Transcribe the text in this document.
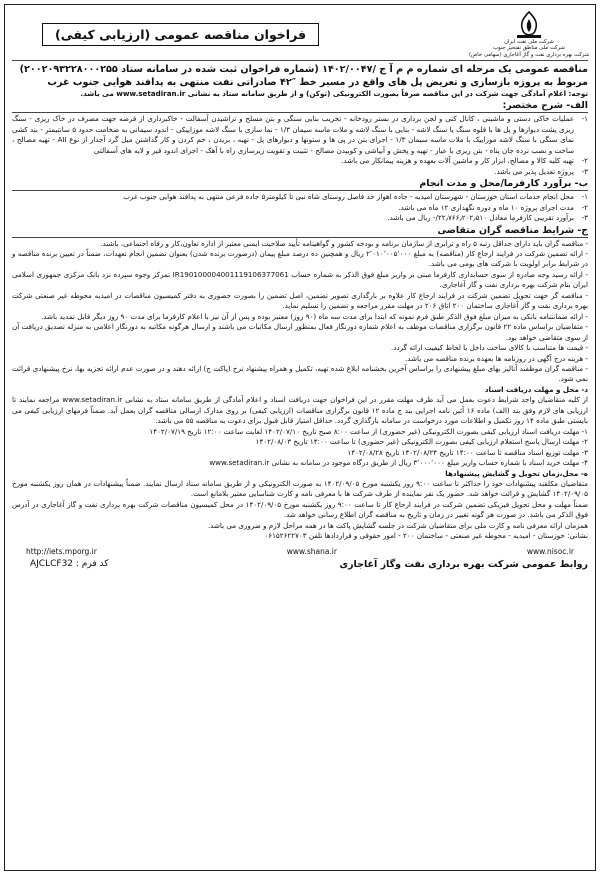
شرکت ملی نفت ایران
شرکت ملی مناطق نفتخیز جنوب
شرکت بهره برداری نفت و گاز آغاجاری (سهامی خاص)
فراخوان مناقصه عمومی (ارزیابی کیفی)
مناقصه عمومی یک مرحله ای شماره م م آ ج /۱۴۰۲/۰۰۴۷ (شماره فراخوان ثبت شده در سامانه ستاد ۲۰۰۲۰۹۳۲۲۸۰۰۰۲۵۵)
مربوط به پروژه بازسازی و تعریض پل های واقع در مسیر خط ″۴۲ صادراتی نفت منتهی به پدافند هوایی جنوب غرب
توجه: اعلام آمادگی جهت شرکت در این مناقصه صرفاً بصورت الکترونیکی (توکن) و از طریق سامانه ستاد به نشانی www.setadiran.ir می باشد.
الف- شرح مختصر:
۱-
عملیات خاکی دستی و ماشینی ، کانال کنی و لجن برداری در بستر رودخانه - تخریب بنایی سنگی و بتن مسلح و تراشیدن آسفالت - خاکبرداری از قرضه جهت مصرف در خاک ریزی - سنگ ریزی پشت دیوارها و پل ها با قلوه سنگ یا سنگ لاشه - بنایی با سنگ لاشه و ملات ماسه سیمان ۱/۳ - نما سازی با سنگ لاشه موزاییکی - اندود سیمانی به ضخامت حدود ۵ سانتیمتر - بند کشی نمای سنگی با سنگ لاشه موزاییک با ملات ماسه سیمان ۱/۳ - اجرای بتن در پی ها و ستونها و دیوارهای پل - تهیه ، بریدن ، خم کردن و کار گذاشتن میل گرد آجدار از نوع AII - تهیه مصالح ، ساخت و نصب نرده جان پناه - بتن ریزی با عیار - تهیه و پخش و آبپاشی و کوبیدن مصالح - تثبیت و تقویت زیرسازی راه با آهک - اجرای اندود قیر و لایه های آسفالتی
۲-
تهیه کلیه کالا و مصالح، ابزار کار و ماشین آلات بعهده و هزینه پیمانکار می باشد.
۳-
پروژه تعدیل پذیر می باشد.
ب- برآورد کارفرما/محل و مدت انجام
۱-
محل انجام خدمات استان خوزستان - شهرستان امیدیه - جاده اهواز حد فاصل روستای شاه نبی تا کیلومتر۵ جاده فرعی منتهی به پدافند هوایی جنوب غرب
۲-
مدت اجرای پروژه ۱۰ ماه و دوره نگهداری ۱۲ ماه می باشد.
۳-
برآورد تقریبی کارفرما معادل ۲۲٫۷۶۶٫۲۰۲٫۵۱۰/- ریال می باشد.
ج- شرایط مناقصه گران متقاضی
- مناقصه گران باید دارای حداقل رتبه ۵ راه و ترابری از سازمان برنامه و بودجه کشور و گواهینامه تأیید صلاحیت ایمنی معتبر از اداره تعاون،کار و رفاه اجتماعی، باشند.
- ارائه تضمین شرکت در فرایند ارجاع کار (مناقصه) به مبلغ ۲٬۰۱۰٬۰۰۵٬۰۰۰ ریال و همچنین ده درصد مبلغ پیمان (درصورت برنده شدن) بعنوان تضمین انجام تعهدات، ضمناً در تعیین برنده مناقصه و در شرایط برابر اولویت با شرکت های بومی می باشد.
- ارائه رسید وجه صادره از سوی حسابداری کارفرما مبنی بر واریز مبلغ فوق الذکر به شماره حساب IR190100004001119106377061 تمرکز وجوه سپرده نزد بانک مرکزی جمهوری اسلامی ایران بنام شرکت بهره برداری نفت و گاز آغاجاری.
- مناقصه گر جهت تحویل تضمین شرکت در فرایند ارجاع کار علاوه بر بارگذاری تصویر تضمین، اصل تضمین را بصورت حضوری به دفتر کمیسیون مناقصات در امیدیه محوطه غیر صنعتی شرکت بهره برداری نفت و گاز آغاجاری ساختمان ۲۰۰ اتاق ۲۰۶ در مهلت مقرر مراجعه و تضمین را تسلیم نماید.
- ارائه ضمانتنامه بانکی به میزان مبلغ فوق الذکر طبق فرم نمونه که ابتدا برای مدت سه ماه (۹۰ روز) معتبر بوده و پس از آن نیز با اعلام کارفرما برای مدت ۹۰ روز دیگر قابل تمدید باشد.
- متقاضیان براساس ماده ۲۲ قانون برگزاری مناقصات موظف به اعلام شماره دورنگار فعال بمنظور ارسال مکاتبات می باشند و ارسال هرگونه مکاتبه به دورنگار اعلامی به منزله تصدیق دریافت آن از سوی متقاضی خواهد بود.
- قیمت ها متناسب با کالای ساخت داخل یا لحاظ کیفیت ارائه گردد.
- هزینه درج آگهی در روزنامه ها بعهده برنده مناقصه می باشد.
- مناقصه گران موظفند آنالیز بهای مبلغ پیشنهادی را براساس آخرین بخشنامه ابلاغ شده تهیه، تکمیل و همراه پیشنهاد نرخ (پاکت ج) ارائه دهند و در صورت عدم ارائه تجزیه بها، نرخ پیشنهادی قرائت نمی شود.
د- محل و مهلت دریافت اسناد
از کلیه متقاضیان واجد شرایط دعوت بعمل می آید ظرف مهلت مقرر در این فراخوان جهت دریافت اسناد و اعلام آمادگی از طریق سامانه ستاد به نشانی www.setadiran.ir مراجعه نمایند تا ارزیابی های لازم وفق بند (الف) ماده ۱۶ آئین نامه اجرایی بند ج ماده ۱۲ قانون برگزاری مناقصات (ارزیابی کیفی) بر روی مدارک ارسالی مناقصه گران بعمل آید. ضمناً فرمهای ارزیابی کیفی می بایستی طبق ماده ۱۴ روز تکمیل و اطلاعات مورد درخواست در سامانه بارگذاری گردد. حداقل امتیاز قابل قبول برای دعوت به مناقصه ۵۵ می باشد.
۱- مهلت دریافت اسناد ارزیابی کیفی بصورت الکترونیکی (غیر حضوری) از ساعت ۸:۰۰ صبح تاریخ ۱۴۰۲/۰۷/۱۰ لغایت ساعت ۱۲:۰۰ تاریخ ۱۴۰۲/۰۷/۱۹
۲- مهلت ارسال پاسخ استعلام ارزیابی کیفی بصورت الکترونیکی (غیر حضوری) تا ساعت ۱۴:۰۰ تاریخ ۱۴۰۲/۰۸/۰۳
۳- مهلت توزیع اسناد مناقصه تا ساعت ۱۴:۰۰ تاریخ ۱۴۰۲/۰۸/۲۴ تاریخ ۱۴۰۲/۰۸/۲۸
۴- مهلت خرید اسناد با شماره حساب واریز مبلغ ۳٬۰۰۰٬۰۰۰ ریال از طریق درگاه موجود در سامانه به نشانی www.setadiran.ir
ه- محل،زمان تحویل و گشایش پیشنهادها
متقاضیان مکلفند پیشنهادات خود را حداکثر تا ساعت ۹:۰۰ روز یکشنبه مورخ ۱۴۰۲/۰۹/۰۵ به صورت الکترونیکی و از طریق سامانه ستاد ارسال نمایند. ضمناً پیشنهادات در همان روز یکشنبه مورخ ۱۴۰۲/۰۹/۰۵ گشایش و قرائت خواهد شد. حضور یک نفر نماینده از طرف شرکت ها با معرفی نامه و کارت شناسایی معتبر بلامانع است.
ضمناً مهلت و محل تحویل فیزیکی تضمین شرکت در فرایند ارجاع کار تا ساعت ۹:۰۰ روز یکشنبه مورخ ۱۴۰۲/۰۹/۰۵ در محل کمیسیون مناقصات شرکت بهره برداری نفت و گاز آغاجاری در آدرس فوق الذکر می باشد. در صورت هر گونه تغییر در زمان و تاریخ به مناقصه گران اطلاع رسانی خواهد شد.
همزمان ارائه معرفی نامه و کارت ملی برای متقاضیان شرکت در جلسه گشایش پاکت ها در همه مراحل لازم و ضروری می باشد.
نشانی: خوزستان - امیدیه - محوطه غیر صنعتی - ساختمان ۲۰۰ - امور حقوقی و قراردادها تلفن ۰۶۱۵۲۶۲۲۷۰۳
http://iets.mporg.ir	www.shana.ir	www.nisoc.ir
روابط عمومی شرکت بهره برداری نفت وگاز آغاجاری
AJCLCF32 : کد فرم
